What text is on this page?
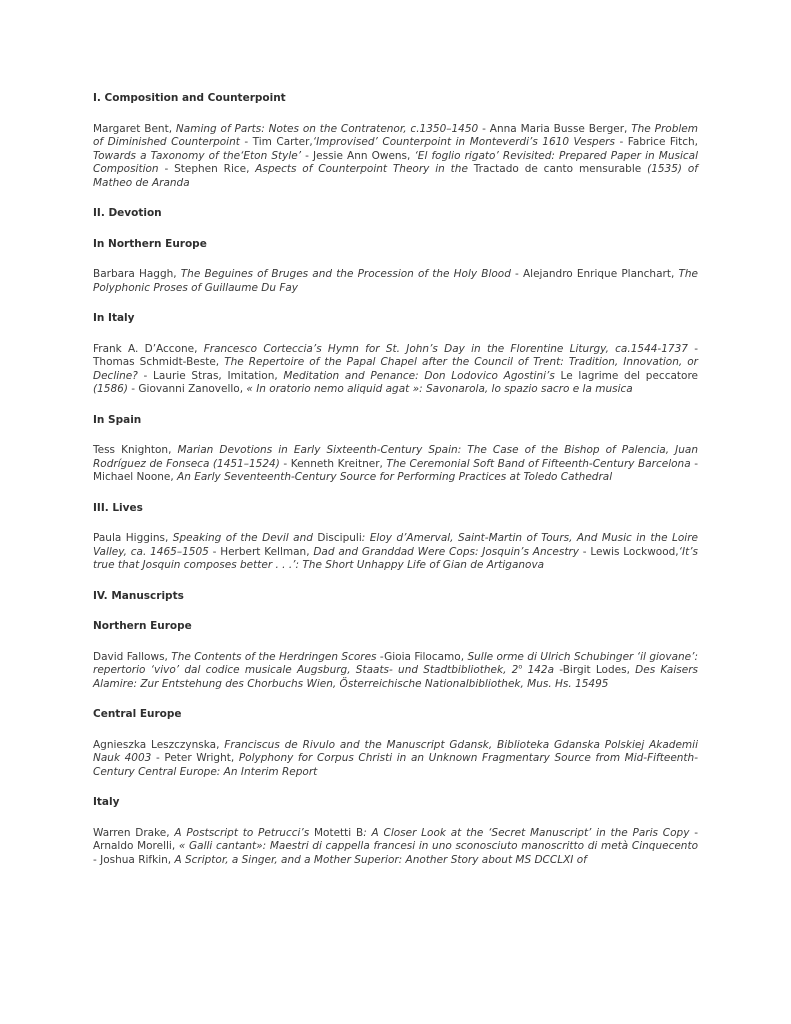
I. Composition and Counterpoint

Margaret Bent, Naming of Parts: Notes on the Contratenor, c.1350–1450 - Anna Maria Busse Berger, The Problem of Diminished Counterpoint - Tim Carter,‘Improvised’ Counterpoint in Monteverdi’s 1610 Vespers - Fabrice Fitch, Towards a Taxonomy of the‘Eton Style’ - Jessie Ann Owens, ‘El foglio rigato’ Revisited: Prepared Paper in Musical Composition - Stephen Rice, Aspects of Counterpoint Theory in the Tractado de canto mensurable (1535) of Matheo de Aranda

II. Devotion

In Northern Europe

Barbara Haggh, The Beguines of Bruges and the Procession of the Holy Blood - Alejandro Enrique Planchart, The Polyphonic Proses of Guillaume Du Fay

In Italy

Frank A. D’Accone, Francesco Corteccia’s Hymn for St. John’s Day in the Florentine Liturgy, ca.1544-1737 - Thomas Schmidt-Beste, The Repertoire of the Papal Chapel after the Council of Trent: Tradition, Innovation, or Decline? - Laurie Stras, Imitation, Meditation and Penance: Don Lodovico Agostini’s Le lagrime del peccatore (1586) - Giovanni Zanovello, « In oratorio nemo aliquid agat »: Savonarola, lo spazio sacro e la musica

In Spain

Tess Knighton, Marian Devotions in Early Sixteenth-Century Spain: The Case of the Bishop of Palencia, Juan Rodríguez de Fonseca (1451–1524) - Kenneth Kreitner, The Ceremonial Soft Band of Fifteenth-Century Barcelona - Michael Noone, An Early Seventeenth-Century Source for Performing Practices at Toledo Cathedral

III. Lives

Paula Higgins, Speaking of the Devil and Discipuli: Eloy d’Amerval, Saint-Martin of Tours, And Music in the Loire Valley, ca. 1465–1505 - Herbert Kellman, Dad and Granddad Were Cops: Josquin’s Ancestry - Lewis Lockwood,‘It’s true that Josquin composes better . . .’: The Short Unhappy Life of Gian de Artiganova

IV. Manuscripts

Northern Europe

David Fallows, The Contents of the Herdringen Scores -Gioia Filocamo, Sulle orme di Ulrich Schubinger ‘il giovane’: repertorio ‘vivo’ dal codice musicale Augsburg, Staats- und Stadtbibliothek, 2$^o$ 142a -Birgit Lodes, Des Kaisers Alamire: Zur Entstehung des Chorbuchs Wien, Österreichische Nationalbibliothek, Mus. Hs. 15495

Central Europe

Agnieszka Leszczynska, Franciscus de Rivulo and the Manuscript Gdansk, Biblioteka Gdanska Polskiej Akademii Nauk 4003 - Peter Wright, Polyphony for Corpus Christi in an Unknown Fragmentary Source from Mid-Fifteenth-Century Central Europe: An Interim Report

Italy

Warren Drake, A Postscript to Petrucci’s Motetti B: A Closer Look at the ‘Secret Manuscript’ in the Paris Copy - Arnaldo Morelli, « Galli cantant»: Maestri di cappella francesi in uno sconosciuto manoscritto di metà Cinquecento - Joshua Rifkin, A Scriptor, a Singer, and a Mother Superior: Another Story about MS DCCLXI of
